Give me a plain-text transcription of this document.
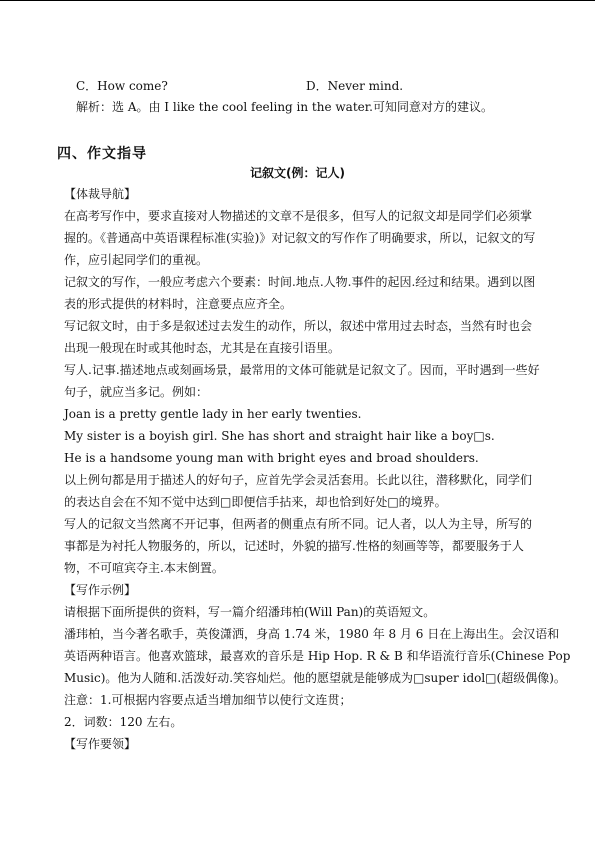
C．How come?	D．Never mind.
解析：选 A。由 I like the cool feeling in the water.可知同意对方的建议。
四、作文指导
记叙文(例：记人)
【体裁导航】
在高考写作中，要求直接对人物描述的文章不是很多，但写人的记叙文却是同学们必须掌
握的。《普通高中英语课程标准(实验)》对记叙文的写作作了明确要求，所以，记叙文的写
作，应引起同学们的重视。
记叙文的写作，一般应考虑六个要素：时间.地点.人物.事件的起因.经过和结果。遇到以图
表的形式提供的材料时，注意要点应齐全。
写记叙文时，由于多是叙述过去发生的动作，所以，叙述中常用过去时态，当然有时也会
出现一般现在时或其他时态，尤其是在直接引语里。
写人.记事.描述地点或刻画场景，最常用的文体可能就是记叙文了。因而，平时遇到一些好
句子，就应当多记。例如：
Joan is a pretty gentle lady in her early twenties.
My sister is a boyish girl. She has short and straight hair like a boy□s.
He is a handsome young man with bright eyes and broad shoulders.
以上例句都是用于描述人的好句子，应首先学会灵活套用。长此以往，潜移默化，同学们
的表达自会在不知不觉中达到□即便信手拈来，却也恰到好处□的境界。
写人的记叙文当然离不开记事，但两者的侧重点有所不同。记人者，以人为主导，所写的
事都是为衬托人物服务的，所以，记述时，外貌的描写.性格的刻画等等，都要服务于人
物，不可喧宾夺主.本末倒置。
【写作示例】
请根据下面所提供的资料，写一篇介绍潘玮柏(Will Pan)的英语短文。
潘玮柏，当今著名歌手，英俊潇洒，身高 1.74 米，1980 年 8 月 6 日在上海出生。会汉语和
英语两种语言。他喜欢篮球，最喜欢的音乐是 Hip Hop. R & B 和华语流行音乐(Chinese Pop
Music)。他为人随和.活泼好动.笑容灿烂。他的愿望就是能够成为□super idol□(超级偶像)。
注意：1.可根据内容要点适当增加细节以使行文连贯；
2．词数：120 左右。
【写作要领】
